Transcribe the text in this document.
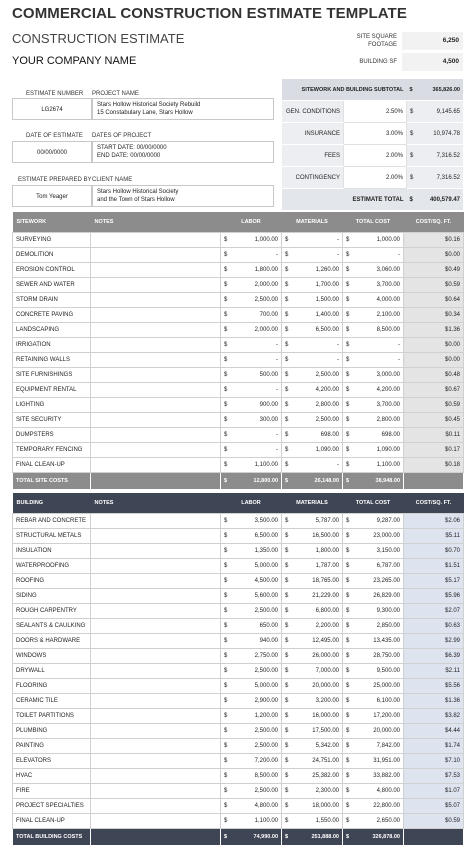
COMMERCIAL CONSTRUCTION ESTIMATE TEMPLATE
CONSTRUCTION ESTIMATE
YOUR COMPANY NAME
SITE SQUARE FOOTAGE
6,250
BUILDING SF	4,500
ESTIMATE NUMBER PROJECT NAME
LG2674
Stars Hollow Historical Society Rebuild
15 Constabulary Lane, Stars Hollow
DATE OF ESTIMATE DATES OF PROJECT
00/00/0000
START DATE: 00/00/0000
END DATE: 00/00/0000
ESTIMATE PREPARED BY CLIENT NAME
Tom Yeager
Stars Hollow Historical Society
and the Town of Stars Hollow
SITEWORK AND BUILDING SUBTOTAL		$	365,826.00
GEN. CONDITIONS	2.50%	$	9,145.65
INSURANCE	3.00%	$	10,974.78
FEES	2.00%	$	7,316.52
CONTINGENCY	2.00%	$	7,316.52
ESTIMATE TOTAL		$	400,579.47
SITEWORK	NOTES	LABOR		MATERIALS		TOTAL COST		COST/SQ. FT.
SURVEYING		$	1,000.00	$	-	$	1,000.00	$0.16
DEMOLITION		$	-	$	-	$	-	$0.00
EROSION CONTROL		$	1,800.00	$	1,260.00	$	3,060.00	$0.49
SEWER AND WATER		$	2,000.00	$	1,700.00	$	3,700.00	$0.59
STORM DRAIN		$	2,500.00	$	1,500.00	$	4,000.00	$0.64
CONCRETE PAVING		$	700.00	$	1,400.00	$	2,100.00	$0.34
LANDSCAPING		$	2,000.00	$	6,500.00	$	8,500.00	$1.36
IRRIGATION		$	-	$	-	$	-	$0.00
RETAINING WALLS		$	-	$	-	$	-	$0.00
SITE FURNISHINGS		$	500.00	$	2,500.00	$	3,000.00	$0.48
EQUIPMENT RENTAL		$	-	$	4,200.00	$	4,200.00	$0.67
LIGHTING		$	900.00	$	2,800.00	$	3,700.00	$0.59
SITE SECURITY		$	300.00	$	2,500.00	$	2,800.00	$0.45
DUMPSTERS		$	-	$	698.00	$	698.00	$0.11
TEMPORARY FENCING		$	-	$	1,090.00	$	1,090.00	$0.17
FINAL CLEAN-UP		$	1,100.00	$	-	$	1,100.00	$0.18
TOTAL SITE COSTS		$	12,800.00	$	26,148.00	$	38,948.00	
BUILDING	NOTES	LABOR		MATERIALS		TOTAL COST		COST/SQ. FT.
REBAR AND CONCRETE		$	3,500.00	$	5,787.00	$	9,287.00	$2.06
STRUCTURAL METALS		$	6,500.00	$	16,500.00	$	23,000.00	$5.11
INSULATION		$	1,350.00	$	1,800.00	$	3,150.00	$0.70
WATERPROOFING		$	5,000.00	$	1,787.00	$	6,787.00	$1.51
ROOFING		$	4,500.00	$	18,765.00	$	23,265.00	$5.17
SIDING		$	5,600.00	$	21,229.00	$	26,829.00	$5.96
ROUGH CARPENTRY		$	2,500.00	$	6,800.00	$	9,300.00	$2.07
SEALANTS & CAULKING		$	650.00	$	2,200.00	$	2,850.00	$0.63
DOORS & HARDWARE		$	940.00	$	12,495.00	$	13,435.00	$2.99
WINDOWS		$	2,750.00	$	26,000.00	$	28,750.00	$6.39
DRYWALL		$	2,500.00	$	7,000.00	$	9,500.00	$2.11
FLOORING		$	5,000.00	$	20,000.00	$	25,000.00	$5.56
CERAMIC TILE		$	2,900.00	$	3,200.00	$	6,100.00	$1.36
TOILET PARTITIONS		$	1,200.00	$	16,000.00	$	17,200.00	$3.82
PLUMBING		$	2,500.00	$	17,500.00	$	20,000.00	$4.44
PAINTING		$	2,500.00	$	5,342.00	$	7,842.00	$1.74
ELEVATORS		$	7,200.00	$	24,751.00	$	31,951.00	$7.10
HVAC		$	8,500.00	$	25,382.00	$	33,882.00	$7.53
FIRE		$	2,500.00	$	2,300.00	$	4,800.00	$1.07
PROJECT SPECIALTIES		$	4,800.00	$	18,000.00	$	22,800.00	$5.07
FINAL CLEAN-UP		$	1,100.00	$	1,550.00	$	2,650.00	$0.59
TOTAL BUILDING COSTS		$	74,990.00	$	251,888.00	$	326,878.00	
